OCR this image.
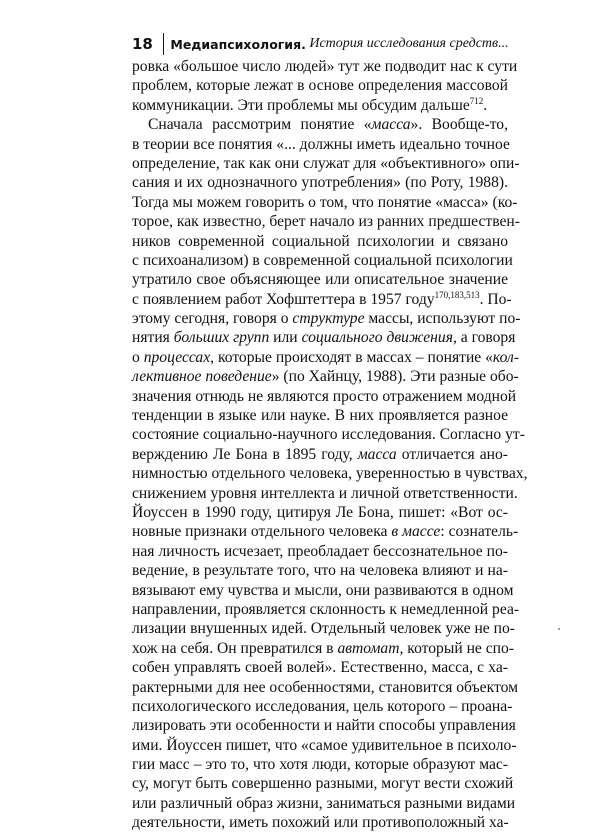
18 Медиапсихология. История исследования средств...
ровка «большое число людей» тут же подводит нас к сути
проблем, которые лежат в основе определения массовой
коммуникации. Эти проблемы мы обсудим дальше$^{712}$.
Сначала рассмотрим понятие «масса». Вообще-то,
в теории все понятия «... должны иметь идеально точное
определение, так как они служат для «объективного» опи-
сания и их однозначного употребления» (по Роту, 1988).
Тогда мы можем говорить о том, что понятие «масса» (ко-
торое, как известно, берет начало из ранних предшествен-
ников современной социальной психологии и связано
с психоанализом) в современной социальной психологии
утратило свое объясняющее или описательное значение
с появлением работ Хофштеттера в 1957 году$^{170,183,513}$. По-
этому сегодня, говоря о структуре массы, используют по-
нятия больших групп или социального движения, а говоря
о процессах, которые происходят в массах – понятие «кол-
лективное поведение» (по Хайнцу, 1988). Эти разные обо-
значения отнюдь не являются просто отражением модной
тенденции в языке или науке. В них проявляется разное
состояние социально-научного исследования. Согласно ут-
верждению Ле Бона в 1895 году, масса отличается ано-
нимностью отдельного человека, уверенностью в чувствах,
снижением уровня интеллекта и личной ответственности.
Йоуссен в 1990 году, цитируя Ле Бона, пишет: «Вот ос-
новные признаки отдельного человека в массе: сознатель-
ная личность исчезает, преобладает бессознательное по-
ведение, в результате того, что на человека влияют и на-
вязывают ему чувства и мысли, они развиваются в одном
направлении, проявляется склонность к немедленной реа-
лизации внушенных идей. Отдельный человек уже не по-
хож на себя. Он превратился в автомат, который не спо-
собен управлять своей волей». Естественно, масса, с ха-
рактерными для нее особенностями, становится объектом
психологического исследования, цель которого – проана-
лизировать эти особенности и найти способы управления
ими. Йоуссен пишет, что «самое удивительное в психоло-
гии масс – это то, что хотя люди, которые образуют мас-
су, могут быть совершенно разными, могут вести схожий
или различный образ жизни, заниматься разными видами
деятельности, иметь похожий или противоположный ха-
